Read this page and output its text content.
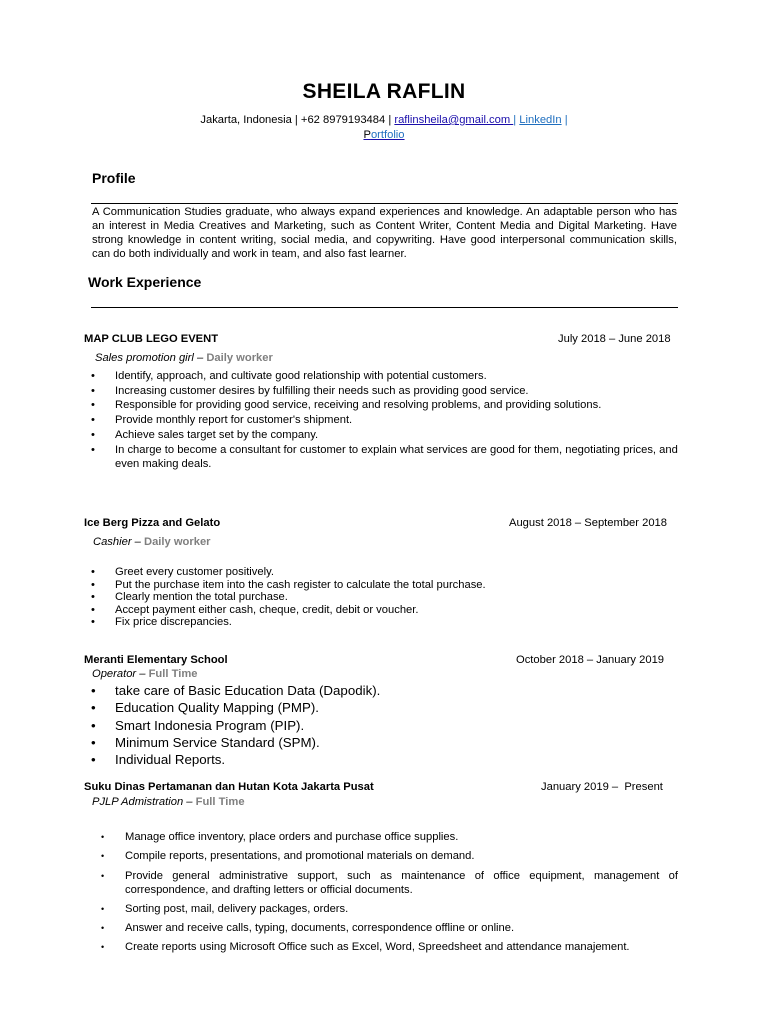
SHEILA RAFLIN
Jakarta, Indonesia | +62 8979193484 | raflinsheila@gmail.com | LinkedIn |
Portfolio
Profile
A Communication Studies graduate, who always expand experiences and knowledge. An adaptable person who has an interest in Media Creatives and Marketing, such as Content Writer, Content Media and Digital Marketing. Have strong knowledge in content writing, social media, and copywriting. Have good interpersonal communication skills, can do both individually and work in team, and also fast learner.
Work Experience
MAP CLUB LEGO EVENT	July 2018 – June 2018
Sales promotion girl – Daily worker
• Identify, approach, and cultivate good relationship with potential customers.
• Increasing customer desires by fulfilling their needs such as providing good service.
• Responsible for providing good service, receiving and resolving problems, and providing solutions.
• Provide monthly report for customer's shipment.
• Achieve sales target set by the company.
• In charge to become a consultant for customer to explain what services are good for them, negotiating prices, and even making deals.
Ice Berg Pizza and Gelato	August 2018 – September 2018
Cashier – Daily worker
• Greet every customer positively.
• Put the purchase item into the cash register to calculate the total purchase.
• Clearly mention the total purchase.
• Accept payment either cash, cheque, credit, debit or voucher.
• Fix price discrepancies.
Meranti Elementary School	October 2018 – January 2019
Operator – Full Time
• take care of Basic Education Data (Dapodik).
• Education Quality Mapping (PMP).
• Smart Indonesia Program (PIP).
• Minimum Service Standard (SPM).
• Individual Reports.
Suku Dinas Pertamanan dan Hutan Kota Jakarta Pusat	January 2019 –  Present
PJLP Admistration – Full Time
• Manage office inventory, place orders and purchase office supplies.
• Compile reports, presentations, and promotional materials on demand.
• Provide general administrative support, such as maintenance of office equipment, management of correspondence, and drafting letters or official documents.
• Sorting post, mail, delivery packages, orders.
• Answer and receive calls, typing, documents, correspondence offline or online.
• Create reports using Microsoft Office such as Excel, Word, Spreedsheet and attendance manajement.
